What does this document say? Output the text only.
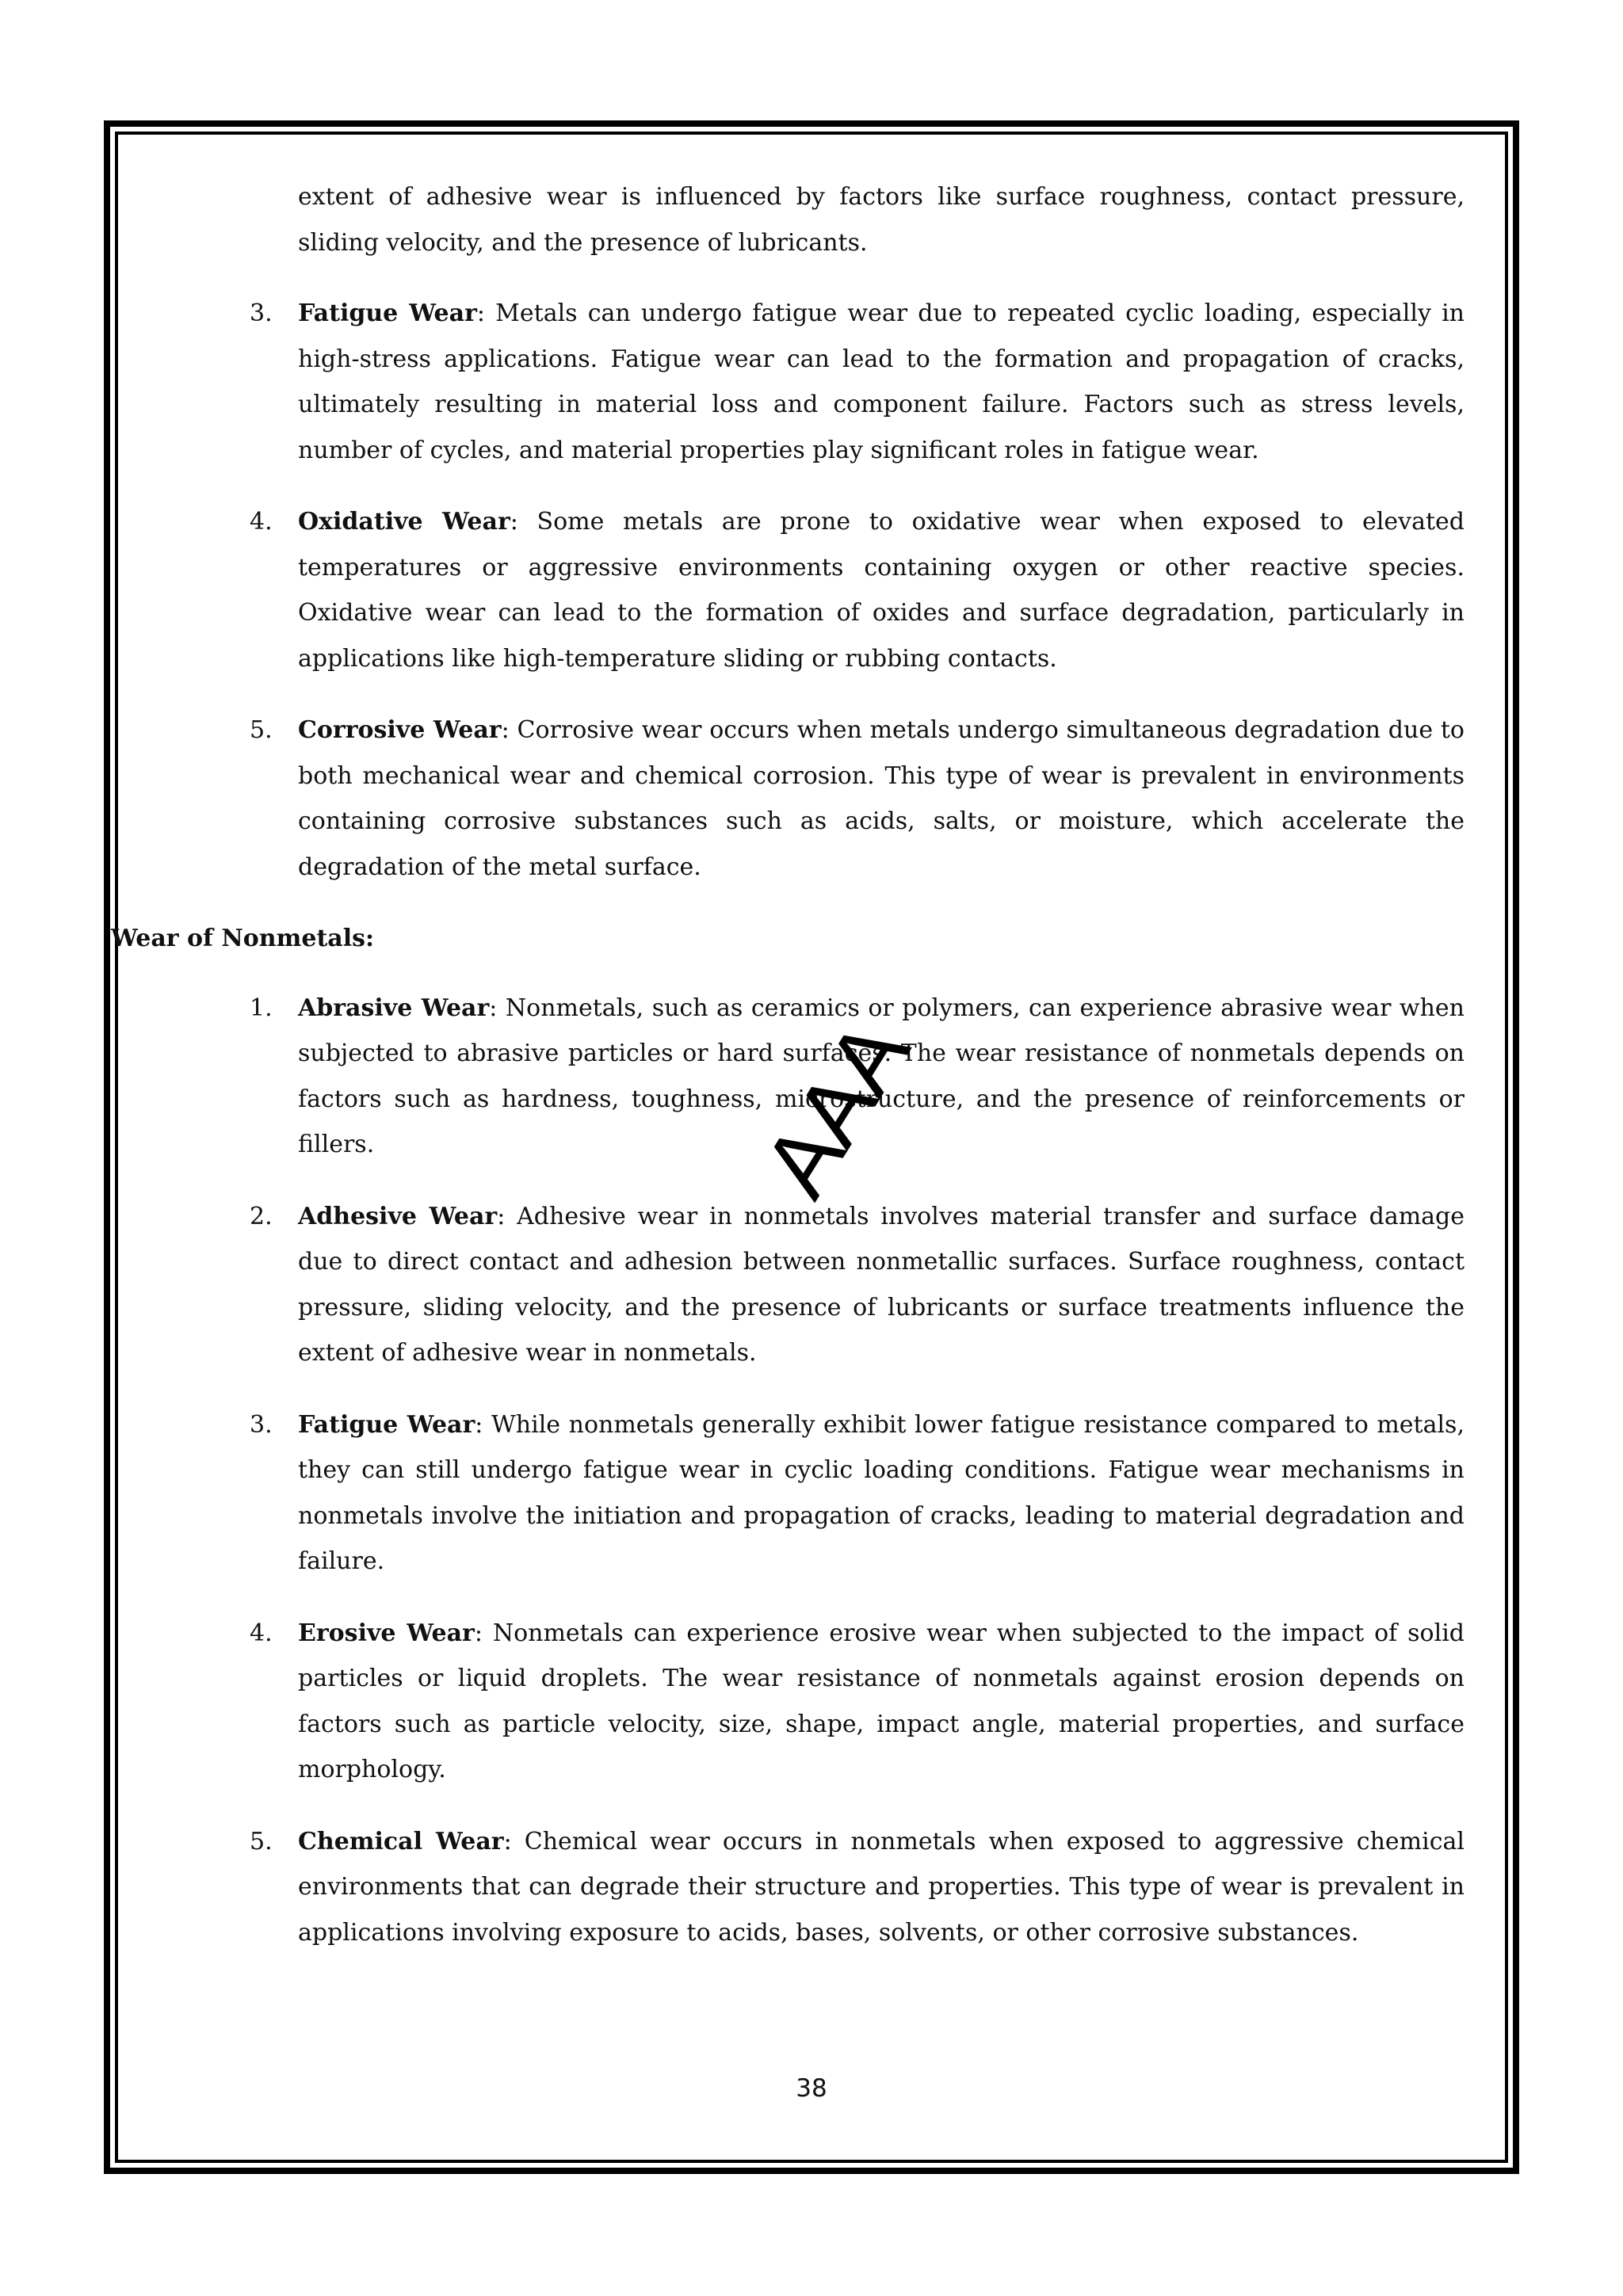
extent of adhesive wear is influenced by factors like surface roughness, contact pressure, sliding velocity, and the presence of lubricants.

3. Fatigue Wear: Metals can undergo fatigue wear due to repeated cyclic loading, especially in high-stress applications. Fatigue wear can lead to the formation and propagation of cracks, ultimately resulting in material loss and component failure. Factors such as stress levels, number of cycles, and material properties play significant roles in fatigue wear.
4. Oxidative Wear: Some metals are prone to oxidative wear when exposed to elevated temperatures or aggressive environments containing oxygen or other reactive species. Oxidative wear can lead to the formation of oxides and surface degradation, particularly in applications like high-temperature sliding or rubbing contacts.
5. Corrosive Wear: Corrosive wear occurs when metals undergo simultaneous degradation due to both mechanical wear and chemical corrosion. This type of wear is prevalent in environments containing corrosive substances such as acids, salts, or moisture, which accelerate the degradation of the metal surface.
Wear of Nonmetals:
1. Abrasive Wear: Nonmetals, such as ceramics or polymers, can experience abrasive wear when subjected to abrasive particles or hard surfaces. The wear resistance of nonmetals depends on factors such as hardness, toughness, microstructure, and the presence of reinforcements or fillers.
2. Adhesive Wear: Adhesive wear in nonmetals involves material transfer and surface damage due to direct contact and adhesion between nonmetallic surfaces. Surface roughness, contact pressure, sliding velocity, and the presence of lubricants or surface treatments influence the extent of adhesive wear in nonmetals.
3. Fatigue Wear: While nonmetals generally exhibit lower fatigue resistance compared to metals, they can still undergo fatigue wear in cyclic loading conditions. Fatigue wear mechanisms in nonmetals involve the initiation and propagation of cracks, leading to material degradation and failure.
4. Erosive Wear: Nonmetals can experience erosive wear when subjected to the impact of solid particles or liquid droplets. The wear resistance of nonmetals against erosion depends on factors such as particle velocity, size, shape, impact angle, material properties, and surface morphology.
5. Chemical Wear: Chemical wear occurs in nonmetals when exposed to aggressive chemical environments that can degrade their structure and properties. This type of wear is prevalent in applications involving exposure to acids, bases, solvents, or other corrosive substances.
AAA
38
